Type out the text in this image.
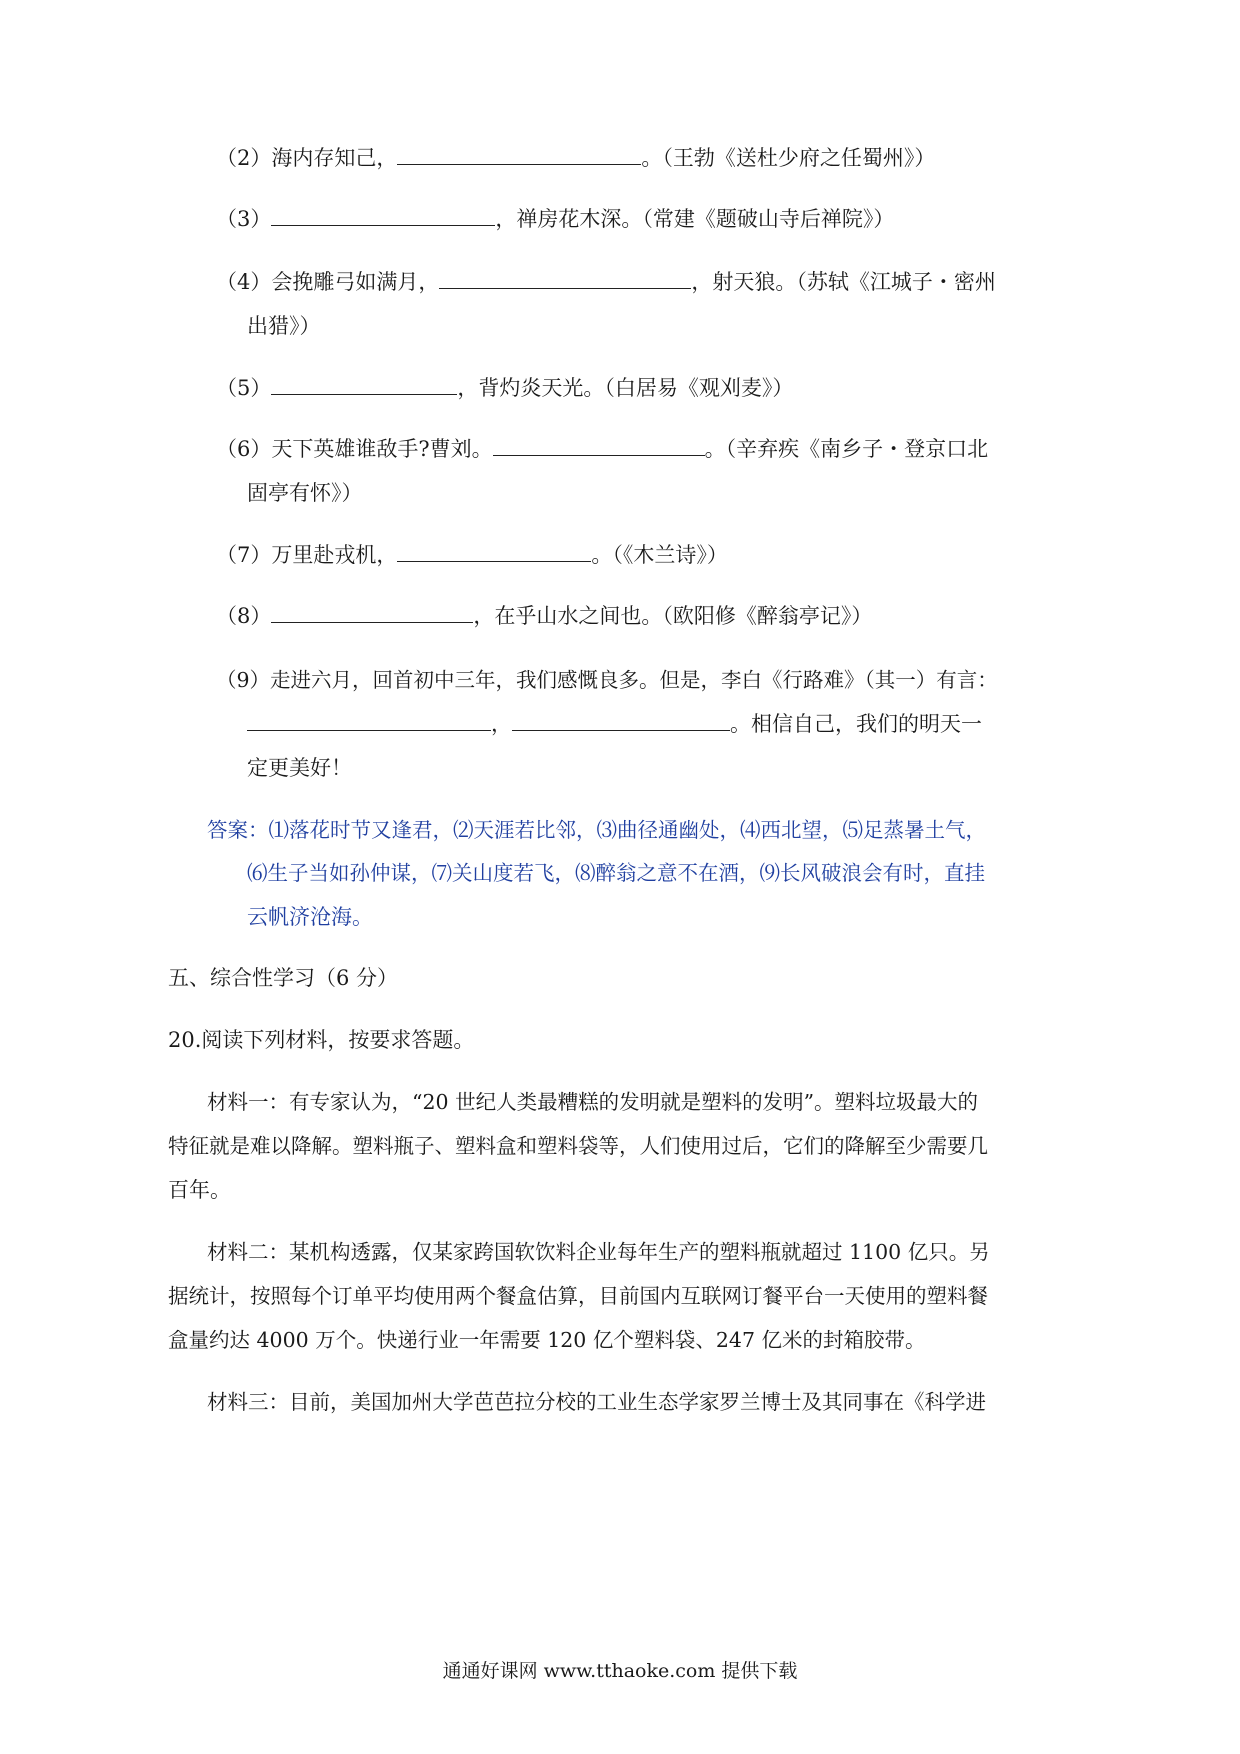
（2）海内存知己，	。（王勃《送杜少府之任蜀州》）
（3）	，禅房花木深。（常建《题破山寺后禅院》）
（4）会挽雕弓如满月，	，射天狼。（苏轼《江城子・密州
出猎》）
（5）	，背灼炎天光。（白居易《观刈麦》）
（6）天下英雄谁敌手?曹刘。	。（辛弃疾《南乡子・登京口北
固亭有怀》）
（7）万里赴戎机，	。（《木兰诗》）
（8）	，在乎山水之间也。（欧阳修《醉翁亭记》）
（9）走进六月，回首初中三年，我们感慨良多。但是，李白《行路难》（其一）有言：
，	。相信自己，我们的明天一
定更美好！
答案：⑴落花时节又逢君，⑵天涯若比邻，⑶曲径通幽处，⑷西北望，⑸足蒸暑土气，
⑹生子当如孙仲谋，⑺关山度若飞，⑻醉翁之意不在酒，⑼长风破浪会有时，直挂
云帆济沧海。
五、综合性学习（6 分）
20.阅读下列材料，按要求答题。
材料一：有专家认为，“20 世纪人类最糟糕的发明就是塑料的发明”。塑料垃圾最大的
特征就是难以降解。塑料瓶子、塑料盒和塑料袋等，人们使用过后，它们的降解至少需要几
百年。
材料二：某机构透露，仅某家跨国软饮料企业每年生产的塑料瓶就超过 1100 亿只。另
据统计，按照每个订单平均使用两个餐盒估算，目前国内互联网订餐平台一天使用的塑料餐
盒量约达 4000 万个。快递行业一年需要 120 亿个塑料袋、247 亿米的封箱胶带。
材料三：目前，美国加州大学芭芭拉分校的工业生态学家罗兰博士及其同事在《科学进
通通好课网 www.tthaoke.com 提供下载
